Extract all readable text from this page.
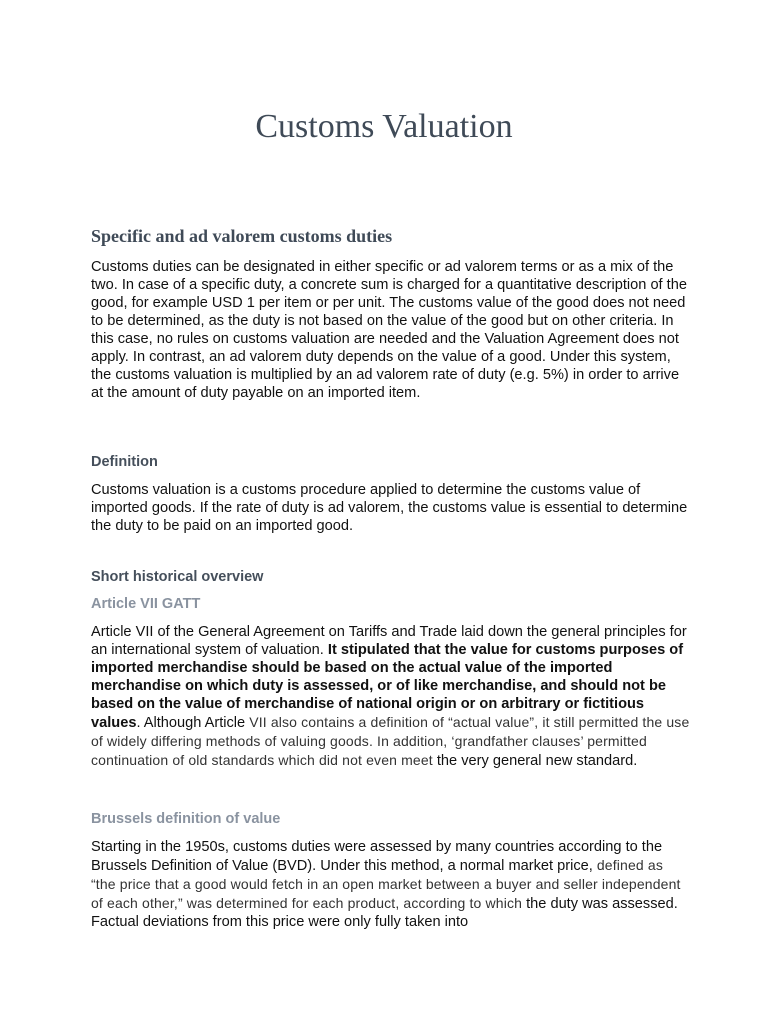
Customs Valuation
Specific and ad valorem customs duties

Customs duties can be designated in either specific or ad valorem terms or as a mix of the two. In case of a specific duty, a concrete sum is charged for a quantitative description of the good, for example USD 1 per item or per unit. The customs value of the good does not need to be determined, as the duty is not based on the value of the good but on other criteria. In this case, no rules on customs valuation are needed and the Valuation Agreement does not apply. In contrast, an ad valorem duty depends on the value of a good. Under this system, the customs valuation is multiplied by an ad valorem rate of duty (e.g. 5%) in order to arrive at the amount of duty payable on an imported item.

Definition

Customs valuation is a customs procedure applied to determine the customs value of imported goods. If the rate of duty is ad valorem, the customs value is essential to determine the duty to be paid on an imported good.

Short historical overview
Article VII GATT

Article VII of the General Agreement on Tariffs and Trade laid down the general principles for an international system of valuation. It stipulated that the value for customs purposes of imported merchandise should be based on the actual value of the imported merchandise on which duty is assessed, or of like merchandise, and should not be based on the value of merchandise of national origin or on arbitrary or fictitious values. Although Article VII also contains a definition of “actual value”, it still permitted the use of widely differing methods of valuing goods. In addition, ‘grandfather clauses’ permitted continuation of old standards which did not even meet the very general new standard.

Brussels definition of value

Starting in the 1950s, customs duties were assessed by many countries according to the Brussels Definition of Value (BVD). Under this method, a normal market price, defined as “the price that a good would fetch in an open market between a buyer and seller independent of each other,” was determined for each product, according to which the duty was assessed. Factual deviations from this price were only fully taken into
